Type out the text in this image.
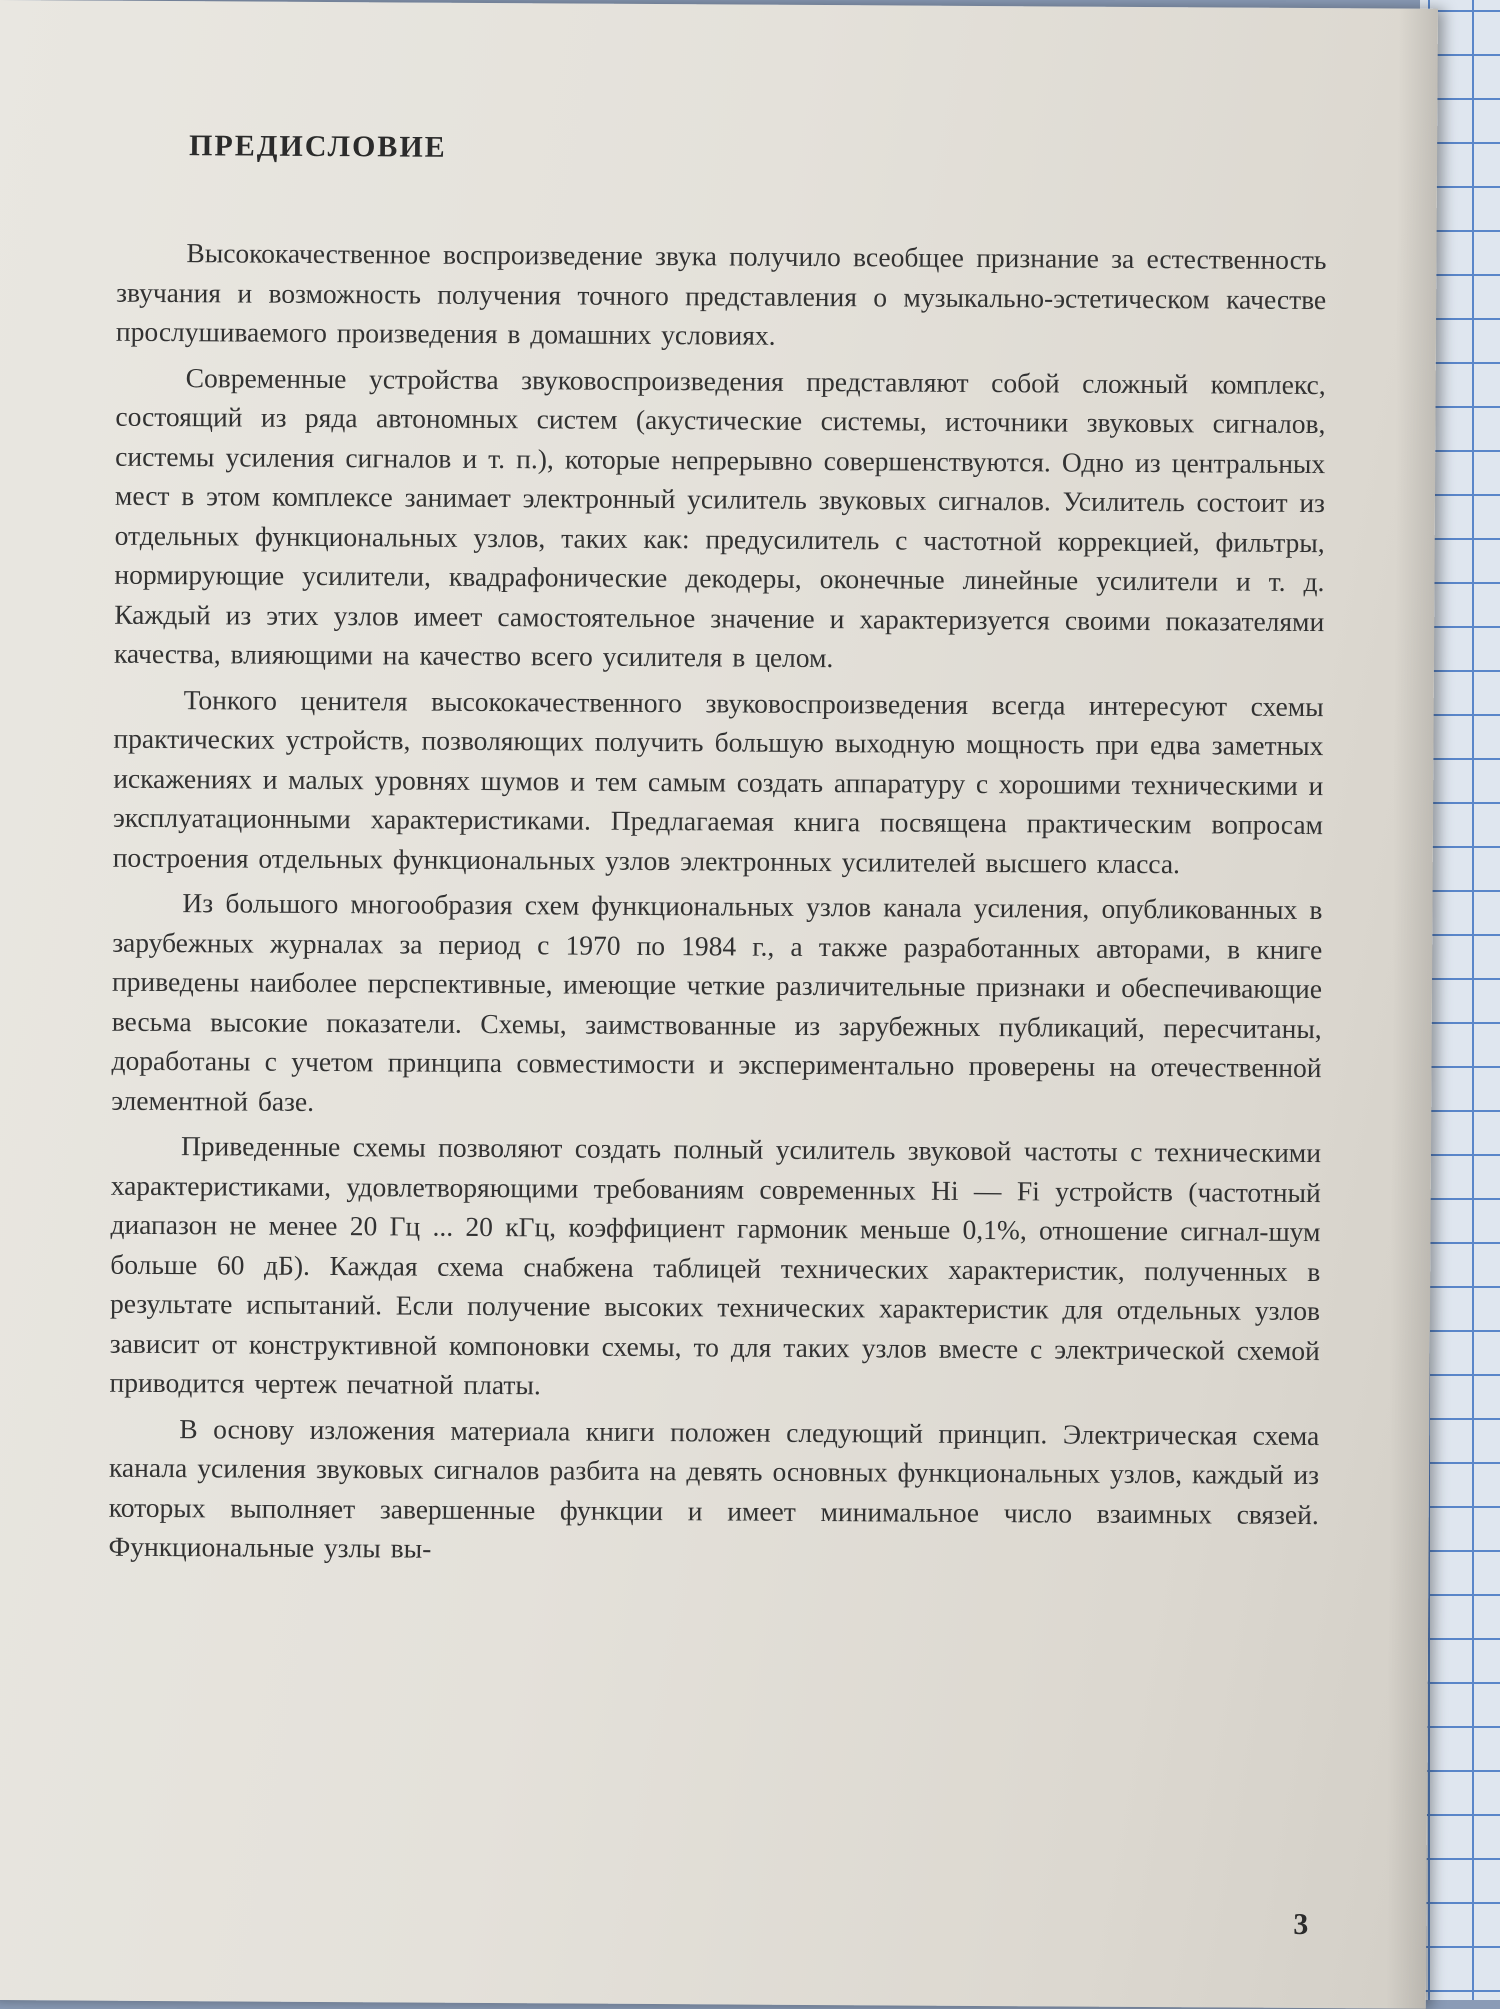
ПРЕДИСЛОВИЕ

Высококачественное воспроизведение звука получило всеобщее признание за естественность звучания и возможность получения точного представления о музыкально-эстетическом качестве прослушиваемого произведения в домашних условиях.

Современные устройства звуковоспроизведения представляют собой сложный комплекс, состоящий из ряда автономных систем (акустические системы, источники звуковых сигналов, системы усиления сигналов и т. п.), которые непрерывно совершенствуются. Одно из центральных мест в этом комплексе занимает электронный усилитель звуковых сигналов. Усилитель состоит из отдельных функциональных узлов, таких как: предусилитель с частотной коррекцией, фильтры, нормирующие усилители, квадрафонические декодеры, оконечные линейные усилители и т. д. Каждый из этих узлов имеет самостоятельное значение и характеризуется своими показателями качества, влияющими на качество всего усилителя в целом.

Тонкого ценителя высококачественного звуковоспроизведения всегда интересуют схемы практических устройств, позволяющих получить большую выходную мощность при едва заметных искажениях и малых уровнях шумов и тем самым создать аппаратуру с хорошими техническими и эксплуатационными характеристиками. Предлагаемая книга посвящена практическим вопросам построения отдельных функциональных узлов электронных усилителей высшего класса.

Из большого многообразия схем функциональных узлов канала усиления, опубликованных в зарубежных журналах за период с 1970 по 1984 г., а также разработанных авторами, в книге приведены наиболее перспективные, имеющие четкие различительные признаки и обеспечивающие весьма высокие показатели. Схемы, заимствованные из зарубежных публикаций, пересчитаны, доработаны с учетом принципа совместимости и экспериментально проверены на отечественной элементной базе.

Приведенные схемы позволяют создать полный усилитель звуковой частоты с техническими характеристиками, удовлетворяющими требованиям современных Hi — Fi устройств (частотный диапазон не менее 20 Гц ... 20 кГц, коэффициент гармоник меньше 0,1%, отношение сигнал-шум больше 60 дБ). Каждая схема снабжена таблицей технических характеристик, полученных в результате испытаний. Если получение высоких технических характеристик для отдельных узлов зависит от конструктивной компоновки схемы, то для таких узлов вместе с электрической схемой приводится чертеж печатной платы.

В основу изложения материала книги положен следующий принцип. Электрическая схема канала усиления звуковых сигналов разбита на девять основных функциональных узлов, каждый из которых выполняет завершенные функции и имеет минимальное число взаимных связей. Функциональные узлы вы-

3
